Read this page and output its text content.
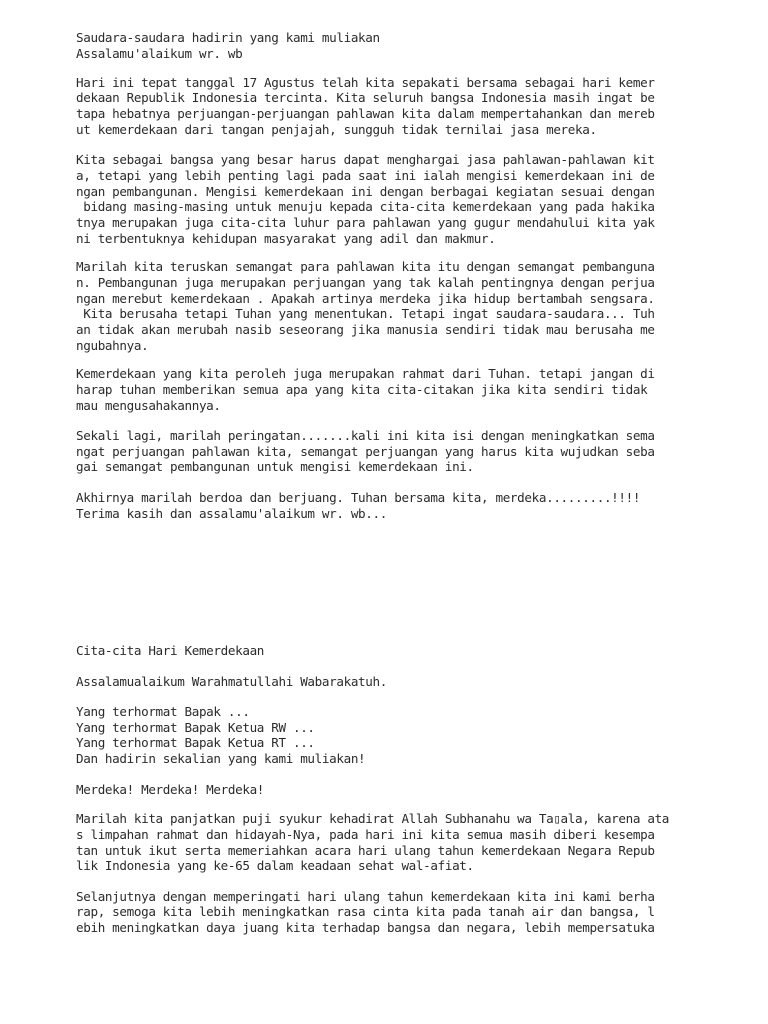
Saudara-saudara hadirin yang kami muliakan

Assalamu'alaikum wr. wb

Hari ini tepat tanggal 17 Agustus telah kita sepakati bersama sebagai hari kemer

dekaan Republik Indonesia tercinta. Kita seluruh bangsa Indonesia masih ingat be

tapa hebatnya perjuangan-perjuangan pahlawan kita dalam mempertahankan dan mereb

ut kemerdekaan dari tangan penjajah, sungguh tidak ternilai jasa mereka.

Kita sebagai bangsa yang besar harus dapat menghargai jasa pahlawan-pahlawan kit

a, tetapi yang lebih penting lagi pada saat ini ialah mengisi kemerdekaan ini de

ngan pembangunan. Mengisi kemerdekaan ini dengan berbagai kegiatan sesuai dengan

bidang masing-masing untuk menuju kepada cita-cita kemerdekaan yang pada hakika

tnya merupakan juga cita-cita luhur para pahlawan yang gugur mendahului kita yak

ni terbentuknya kehidupan masyarakat yang adil dan makmur.

Marilah kita teruskan semangat para pahlawan kita itu dengan semangat pembanguna

n. Pembangunan juga merupakan perjuangan yang tak kalah pentingnya dengan perjua

ngan merebut kemerdekaan . Apakah artinya merdeka jika hidup bertambah sengsara.

Kita berusaha tetapi Tuhan yang menentukan. Tetapi ingat saudara-saudara... Tuh

an tidak akan merubah nasib seseorang jika manusia sendiri tidak mau berusaha me

ngubahnya.

Kemerdekaan yang kita peroleh juga merupakan rahmat dari Tuhan. tetapi jangan di

harap tuhan memberikan semua apa yang kita cita-citakan jika kita sendiri tidak

mau mengusahakannya.

Sekali lagi, marilah peringatan.......kali ini kita isi dengan meningkatkan sema

ngat perjuangan pahlawan kita, semangat perjuangan yang harus kita wujudkan seba

gai semangat pembangunan untuk mengisi kemerdekaan ini.

Akhirnya marilah berdoa dan berjuang. Tuhan bersama kita, merdeka.........!!!!

Terima kasih dan assalamu'alaikum wr. wb...

Cita-cita Hari Kemerdekaan

Assalamualaikum Warahmatullahi Wabarakatuh.

Yang terhormat Bapak ...

Yang terhormat Bapak Ketua RW ...

Yang terhormat Bapak Ketua RT ...

Dan hadirin sekalian yang kami muliakan!

Merdeka! Merdeka! Merdeka!

Marilah kita panjatkan puji syukur kehadirat Allah Subhanahu wa Ta▯ala, karena ata

s limpahan rahmat dan hidayah-Nya, pada hari ini kita semua masih diberi kesempa

tan untuk ikut serta memeriahkan acara hari ulang tahun kemerdekaan Negara Repub

lik Indonesia yang ke-65 dalam keadaan sehat wal-afiat.

Selanjutnya dengan memperingati hari ulang tahun kemerdekaan kita ini kami berha

rap, semoga kita lebih meningkatkan rasa cinta kita pada tanah air dan bangsa, l

ebih meningkatkan daya juang kita terhadap bangsa dan negara, lebih mempersatuka
